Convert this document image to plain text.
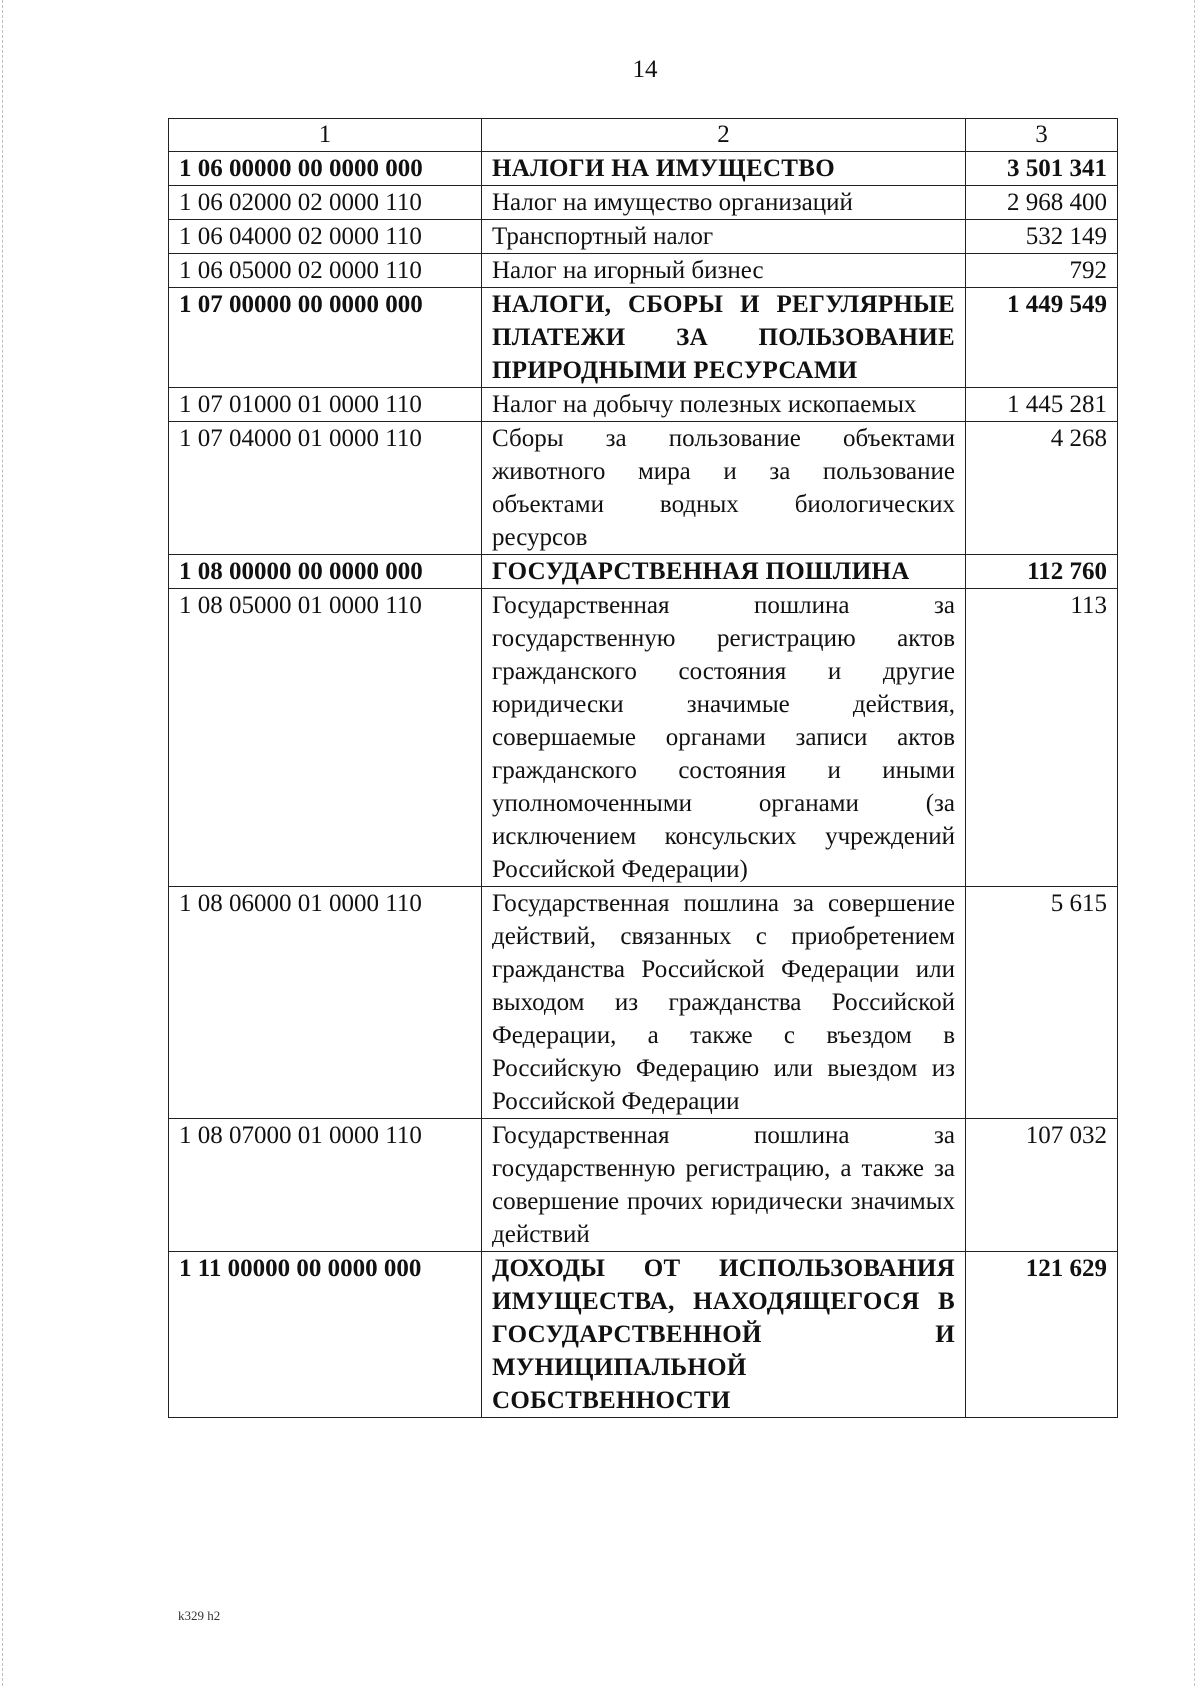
14
1	2	3
1 06 00000 00 0000 000	НАЛОГИ НА ИМУЩЕСТВО	3 501 341
1 06 02000 02 0000 110	Налог на имущество организаций	2 968 400
1 06 04000 02 0000 110	Транспортный налог	532 149
1 06 05000 02 0000 110	Налог на игорный бизнес	792
1 07 00000 00 0000 000	НАЛОГИ, СБОРЫ И РЕГУЛЯРНЫЕ ПЛАТЕЖИ ЗА ПОЛЬЗОВАНИЕ ПРИРОДНЫМИ РЕСУРСАМИ	1 449 549
1 07 01000 01 0000 110	Налог на добычу полезных ископаемых	1 445 281
1 07 04000 01 0000 110	Сборы за пользование объектами животного мира и за пользование объектами водных биологических ресурсов	4 268
1 08 00000 00 0000 000	ГОСУДАРСТВЕННАЯ ПОШЛИНА	112 760
1 08 05000 01 0000 110	Государственная пошлина за государственную регистрацию актов гражданского состояния и другие юридически значимые действия, совершаемые органами записи актов гражданского состояния и иными уполномоченными органами (за исключением консульских учреждений Российской Федерации)	113
1 08 06000 01 0000 110	Государственная пошлина за совершение действий, связанных с приобретением гражданства Российской Федерации или выходом из гражданства Российской Федерации, а также с въездом в Российскую Федерацию или выездом из Российской Федерации	5 615
1 08 07000 01 0000 110	Государственная пошлина за государственную регистрацию, а также за совершение прочих юридически значимых действий	107 032
1 11 00000 00 0000 000	ДОХОДЫ ОТ ИСПОЛЬЗОВАНИЯ ИМУЩЕСТВА, НАХОДЯЩЕГОСЯ В ГОСУДАРСТВЕННОЙ И МУНИЦИПАЛЬНОЙ СОБСТВЕННОСТИ	121 629
k329 h2
